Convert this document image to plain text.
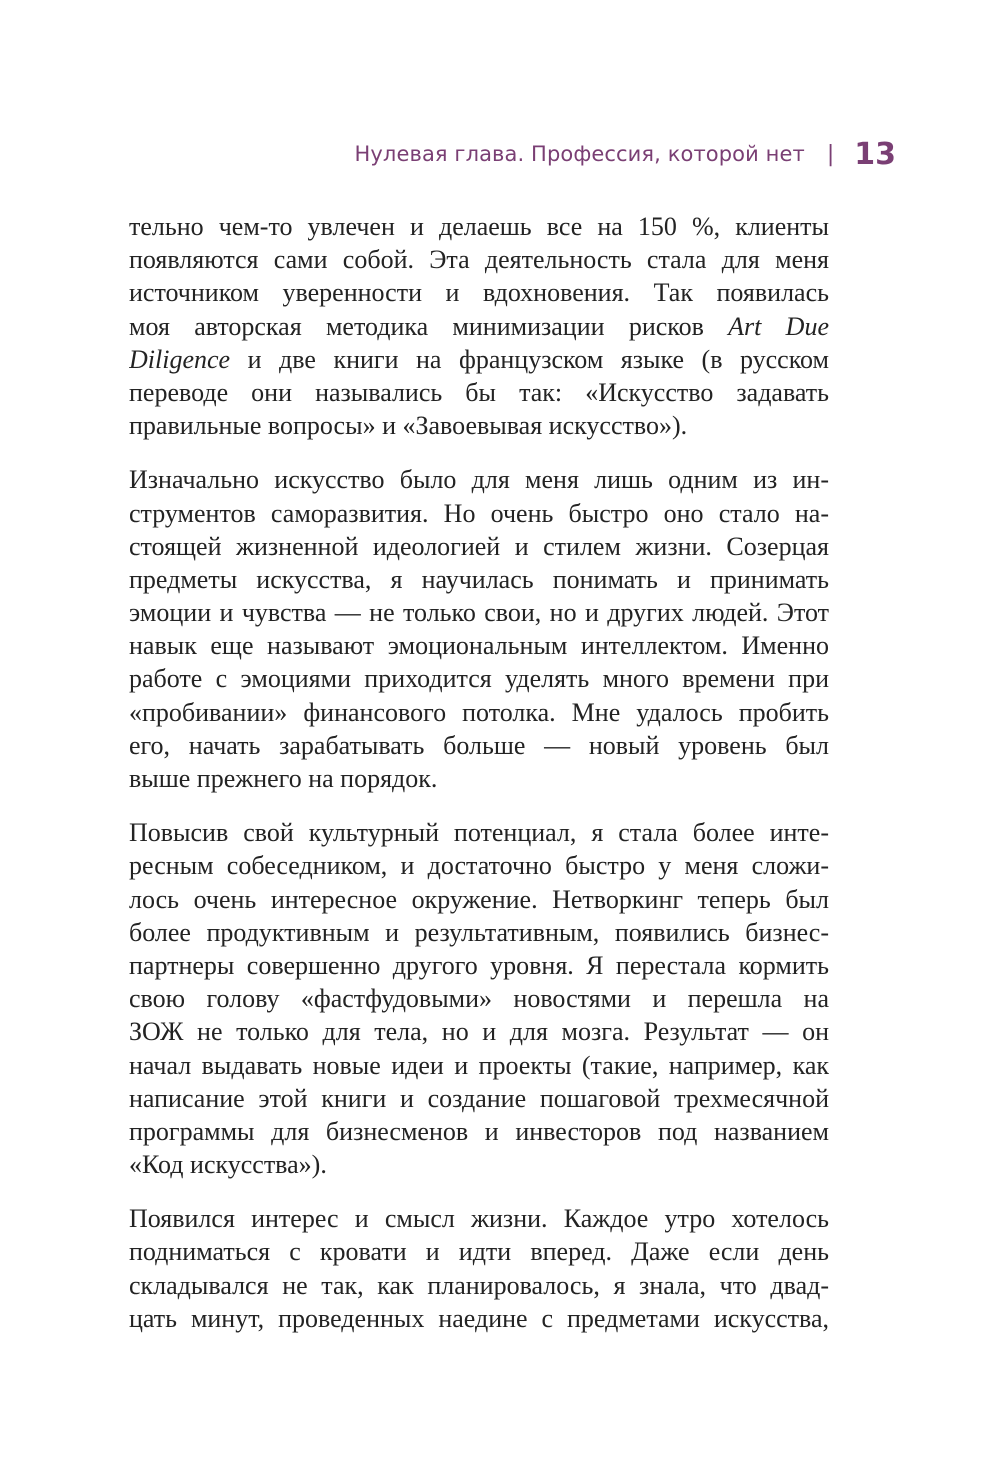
Нулевая глава. Профессия, которой нет | 13
тельно чем-то увлечен и делаешь все на 150 %, клиенты
появляются сами собой. Эта деятельность стала для меня
источником уверенности и вдохновения. Так появилась
моя авторская методика минимизации рисков Art Due
Diligence и две книги на французском языке (в русском
переводе они назывались бы так: «Искусство задавать
правильные вопросы» и «Завоевывая искусство»).
Изначально искусство было для меня лишь одним из ин-
струментов саморазвития. Но очень быстро оно стало на-
стоящей жизненной идеологией и стилем жизни. Созерцая
предметы искусства, я научилась понимать и принимать
эмоции и чувства — не только свои, но и других людей. Этот
навык еще называют эмоциональным интеллектом. Именно
работе с эмоциями приходится уделять много времени при
«пробивании» финансового потолка. Мне удалось пробить
его, начать зарабатывать больше — новый уровень был
выше прежнего на порядок.
Повысив свой культурный потенциал, я стала более инте-
ресным собеседником, и достаточно быстро у меня сложи-
лось очень интересное окружение. Нетворкинг теперь был
более продуктивным и результативным, появились бизнес-
партнеры совершенно другого уровня. Я перестала кормить
свою голову «фастфудовыми» новостями и перешла на
ЗОЖ не только для тела, но и для мозга. Результат — он
начал выдавать новые идеи и проекты (такие, например, как
написание этой книги и создание пошаговой трехмесячной
программы для бизнесменов и инвесторов под названием
«Код искусства»).
Появился интерес и смысл жизни. Каждое утро хотелось
подниматься с кровати и идти вперед. Даже если день
складывался не так, как планировалось, я знала, что двад-
цать минут, проведенных наедине с предметами искусства,
